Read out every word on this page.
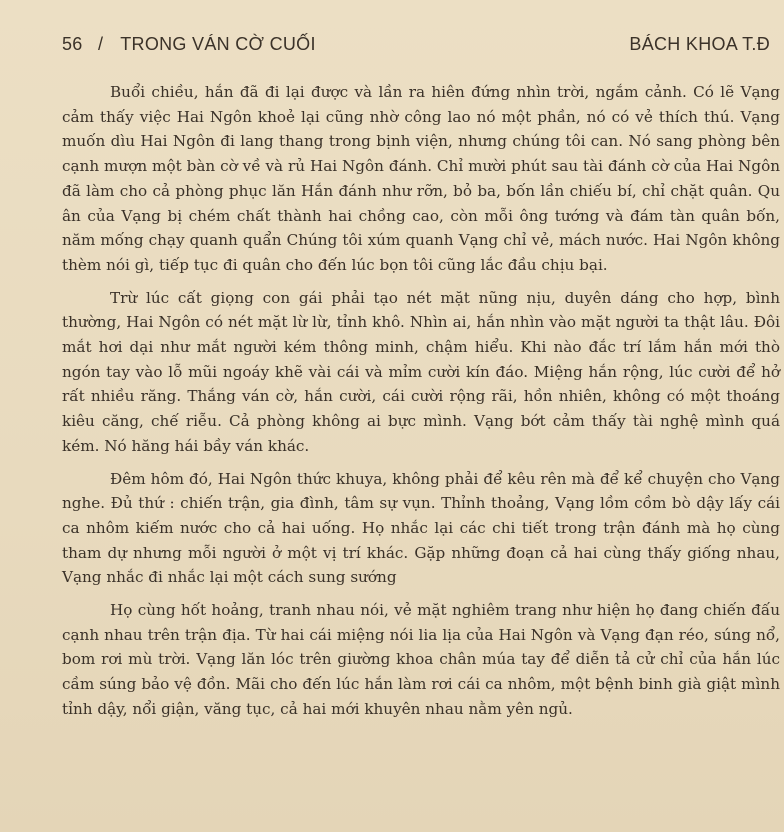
56 / TRONG VÁN CỜ CUỐI	BÁCH KHOA T.Đ

Buổi chiều, hắn đã đi lại được và lần ra hiên đứng nhìn trời, ngắm cảnh. Có lẽ Vạng cảm thấy việc Hai Ngôn khoẻ lại cũng nhờ công lao nó một phần, nó có vẻ thích thú. Vạng muốn dìu Hai Ngôn đi lang thang trong bịnh viện, nhưng chúng tôi can. Nó sang phòng bên cạnh mượn một bàn cờ về và rủ Hai Ngôn đánh. Chỉ mười phút sau tài đánh cờ của Hai Ngôn đã làm cho cả phòng phục lăn Hắn đánh như rỡn, bỏ ba, bốn lần chiếu bí, chỉ chặt quân. Qu ân của Vạng bị chém chất thành hai chồng cao, còn mỗi ông tướng và đám tàn quân bốn, năm mống chạy quanh quẩn Chúng tôi xúm quanh Vạng chỉ vẻ, mách nước. Hai Ngôn không thèm nói gì, tiếp tục đi quân cho đến lúc bọn tôi cũng lắc đầu chịu bại.

Trừ lúc cất giọng con gái phải tạo nét mặt nũng nịu, duyên dáng cho hợp, bình thường, Hai Ngôn có nét mặt lừ lừ, tỉnh khô. Nhìn ai, hắn nhìn vào mặt người ta thật lâu. Đôi mắt hơi dại như mắt người kém thông minh, chậm hiểu. Khi nào đắc trí lắm hắn mới thò ngón tay vào lỗ mũi ngoáy khẽ vài cái và mỉm cười kín đáo. Miệng hắn rộng, lúc cười để hở rất nhiều răng. Thắng ván cờ, hắn cười, cái cười rộng rãi, hồn nhiên, không có một thoáng kiêu căng, chế riễu. Cả phòng không ai bực mình. Vạng bớt cảm thấy tài nghệ mình quá kém. Nó hăng hái bầy ván khác.

Đêm hôm đó, Hai Ngôn thức khuya, không phải để kêu rên mà để kể chuyện cho Vạng nghe. Đủ thứ : chiến trận, gia đình, tâm sự vụn. Thỉnh thoảng, Vạng lồm cồm bò dậy lấy cái ca nhôm kiếm nước cho cả hai uống. Họ nhắc lại các chi tiết trong trận đánh mà họ cùng tham dự nhưng mỗi người ở một vị trí khác. Gặp những đoạn cả hai cùng thấy giống nhau, Vạng nhắc đi nhắc lại một cách sung sướng

Họ cùng hốt hoảng, tranh nhau nói, vẻ mặt nghiêm trang như hiện họ đang chiến đấu cạnh nhau trên trận địa. Từ hai cái miệng nói lia lịa của Hai Ngôn và Vạng đạn réo, súng nổ, bom rơi mù trời. Vạng lăn lóc trên giường khoa chân múa tay để diễn tả cử chỉ của hắn lúc cầm súng bảo vệ đồn. Mãi cho đến lúc hắn làm rơi cái ca nhôm, một bệnh binh già giật mình tỉnh dậy, nổi giận, văng tục, cả hai mới khuyên nhau nằm yên ngủ.
